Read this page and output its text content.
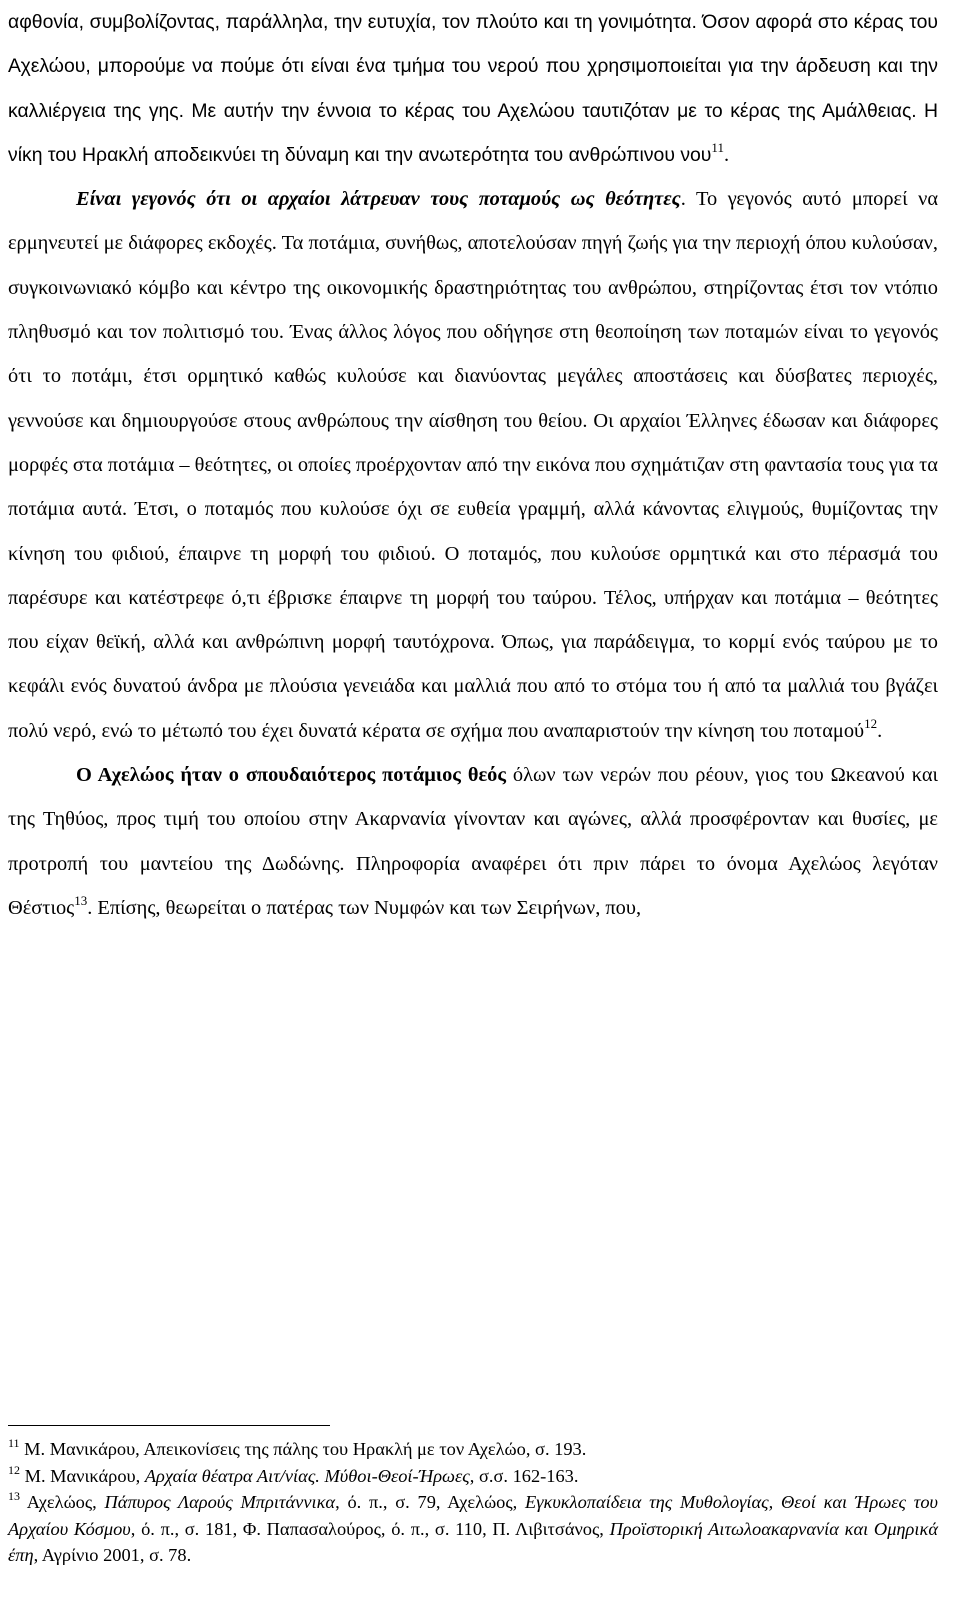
αφθονία, συμβολίζοντας, παράλληλα, την ευτυχία, τον πλούτο και τη γονιμότητα. Όσον αφορά στο κέρας του Αχελώου, μπορούμε να πούμε ότι είναι ένα τμήμα του νερού που χρησιμοποιείται για την άρδευση και την καλλιέργεια της γης. Με αυτήν την έννοια το κέρας του Αχελώου ταυτιζόταν με το κέρας της Αμάλθειας. Η νίκη του Ηρακλή αποδεικνύει τη δύναμη και την ανωτερότητα του ανθρώπινου νου$^{11}$.
Είναι γεγονός ότι οι αρχαίοι λάτρευαν τους ποταμούς ως θεότητες. Το γεγονός αυτό μπορεί να ερμηνευτεί με διάφορες εκδοχές. Τα ποτάμια, συνήθως, αποτελούσαν πηγή ζωής για την περιοχή όπου κυλούσαν, συγκοινωνιακό κόμβο και κέντρο της οικονομικής δραστηριότητας του ανθρώπου, στηρίζοντας έτσι τον ντόπιο πληθυσμό και τον πολιτισμό του. Ένας άλλος λόγος που οδήγησε στη θεοποίηση των ποταμών είναι το γεγονός ότι το ποτάμι, έτσι ορμητικό καθώς κυλούσε και διανύοντας μεγάλες αποστάσεις και δύσβατες περιοχές, γεννούσε και δημιουργούσε στους ανθρώπους την αίσθηση του θείου. Οι αρχαίοι Έλληνες έδωσαν και διάφορες μορφές στα ποτάμια – θεότητες, οι οποίες προέρχονταν από την εικόνα που σχημάτιζαν στη φαντασία τους για τα ποτάμια αυτά. Έτσι, ο ποταμός που κυλούσε όχι σε ευθεία γραμμή, αλλά κάνοντας ελιγμούς, θυμίζοντας την κίνηση του φιδιού, έπαιρνε τη μορφή του φιδιού. Ο ποταμός, που κυλούσε ορμητικά και στο πέρασμά του παρέσυρε και κατέστρεφε ό,τι έβρισκε έπαιρνε τη μορφή του ταύρου. Τέλος, υπήρχαν και ποτάμια – θεότητες που είχαν θεϊκή, αλλά και ανθρώπινη μορφή ταυτόχρονα. Όπως, για παράδειγμα, το κορμί ενός ταύρου με το κεφάλι ενός δυνατού άνδρα με πλούσια γενειάδα και μαλλιά που από το στόμα του ή από τα μαλλιά του βγάζει πολύ νερό, ενώ το μέτωπό του έχει δυνατά κέρατα σε σχήμα που αναπαριστούν την κίνηση του ποταμού$^{12}$.

Ο Αχελώος ήταν ο σπουδαιότερος ποτάμιος θεός όλων των νερών που ρέουν, γιος του Ωκεανού και της Τηθύος, προς τιμή του οποίου στην Ακαρνανία γίνονταν και αγώνες, αλλά προσφέρονταν και θυσίες, με προτροπή του μαντείου της Δωδώνης. Πληροφορία αναφέρει ότι πριν πάρει το όνομα Αχελώος λεγόταν Θέστιος$^{13}$. Επίσης, θεωρείται ο πατέρας των Νυμφών και των Σειρήνων, που,

$^{11}$ Μ. Μανικάρου, Απεικονίσεις της πάλης του Ηρακλή με τον Αχελώο, σ. 193.

$^{12}$ Μ. Μανικάρου, Αρχαία θέατρα Αιτ/νίας. Μύθοι-Θεοί-Ήρωες, σ.σ. 162-163.

$^{13}$ Αχελώος, Πάπυρος Λαρούς Μπριτάννικα, ό. π., σ. 79, Αχελώος, Εγκυκλοπαίδεια της Μυθολογίας, Θεοί και Ήρωες του Αρχαίου Κόσμου, ό. π., σ. 181, Φ. Παπασαλούρος, ό. π., σ. 110, Π. Λιβιτσάνος, Προϊστορική Αιτωλοακαρνανία και Ομηρικά έπη, Αγρίνιο 2001, σ. 78.
